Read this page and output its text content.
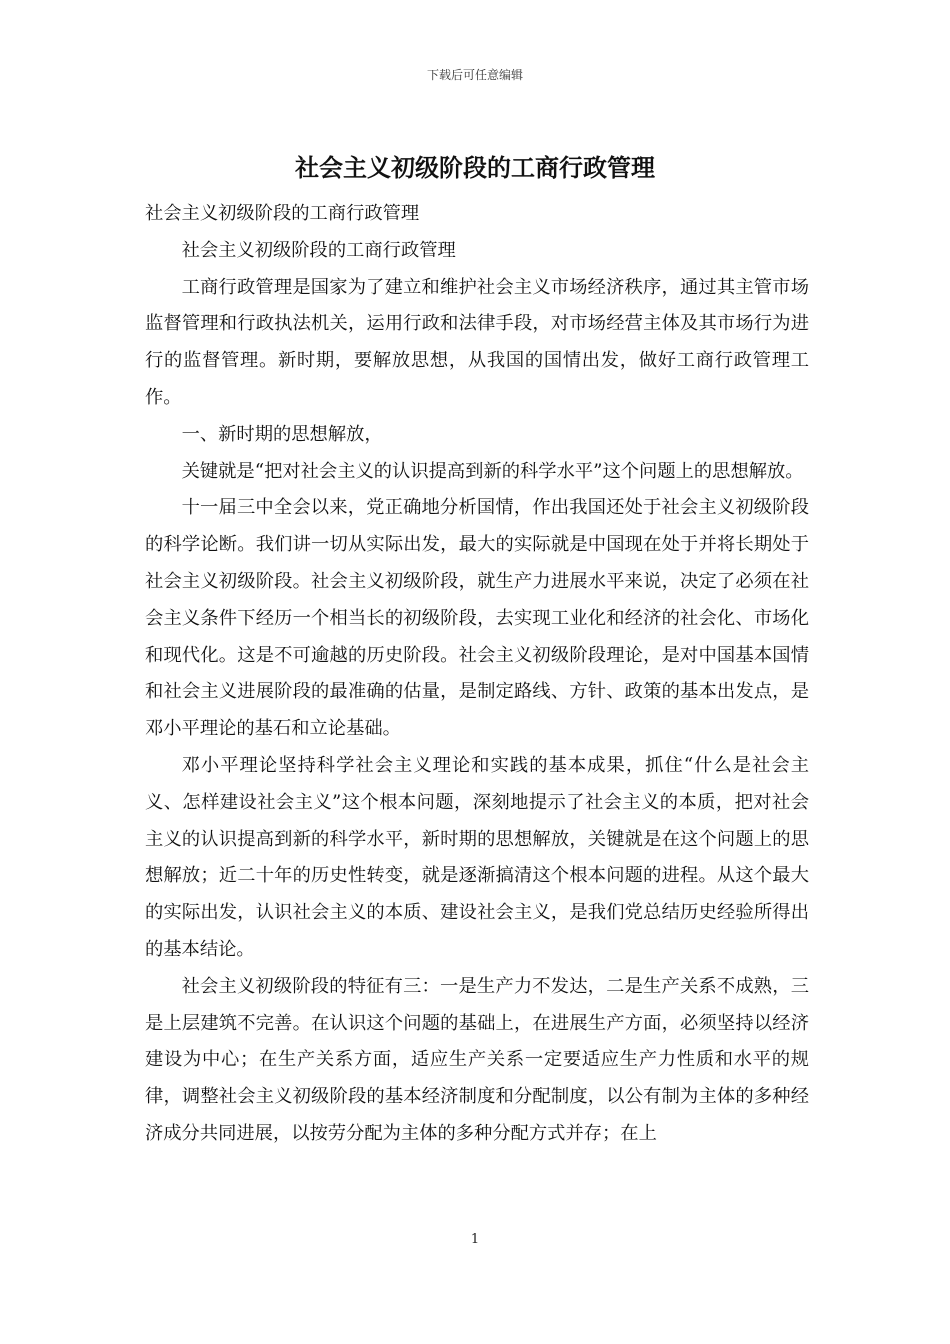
下载后可任意编辑
社会主义初级阶段的工商行政管理

社会主义初级阶段的工商行政管理

社会主义初级阶段的工商行政管理

工商行政管理是国家为了建立和维护社会主义市场经济秩序，通过其主管市场监督管理和行政执法机关，运用行政和法律手段，对市场经营主体及其市场行为进行的监督管理。新时期，要解放思想，从我国的国情出发，做好工商行政管理工作。

一、新时期的思想解放，

关键就是“把对社会主义的认识提高到新的科学水平”这个问题上的思想解放。

十一届三中全会以来，党正确地分析国情，作出我国还处于社会主义初级阶段的科学论断。我们讲一切从实际出发，最大的实际就是中国现在处于并将长期处于社会主义初级阶段。社会主义初级阶段，就生产力进展水平来说，决定了必须在社会主义条件下经历一个相当长的初级阶段，去实现工业化和经济的社会化、市场化和现代化。这是不可逾越的历史阶段。社会主义初级阶段理论，是对中国基本国情和社会主义进展阶段的最准确的估量，是制定路线、方针、政策的基本出发点，是邓小平理论的基石和立论基础。

邓小平理论坚持科学社会主义理论和实践的基本成果，抓住“什么是社会主义、怎样建设社会主义”这个根本问题，深刻地提示了社会主义的本质，把对社会主义的认识提高到新的科学水平，新时期的思想解放，关键就是在这个问题上的思想解放；近二十年的历史性转变，就是逐渐搞清这个根本问题的进程。从这个最大的实际出发，认识社会主义的本质、建设社会主义，是我们党总结历史经验所得出的基本结论。

社会主义初级阶段的特征有三：一是生产力不发达，二是生产关系不成熟，三是上层建筑不完善。在认识这个问题的基础上，在进展生产方面，必须坚持以经济建设为中心；在生产关系方面，适应生产关系一定要适应生产力性质和水平的规律，调整社会主义初级阶段的基本经济制度和分配制度，以公有制为主体的多种经济成分共同进展，以按劳分配为主体的多种分配方式并存；在上

1
